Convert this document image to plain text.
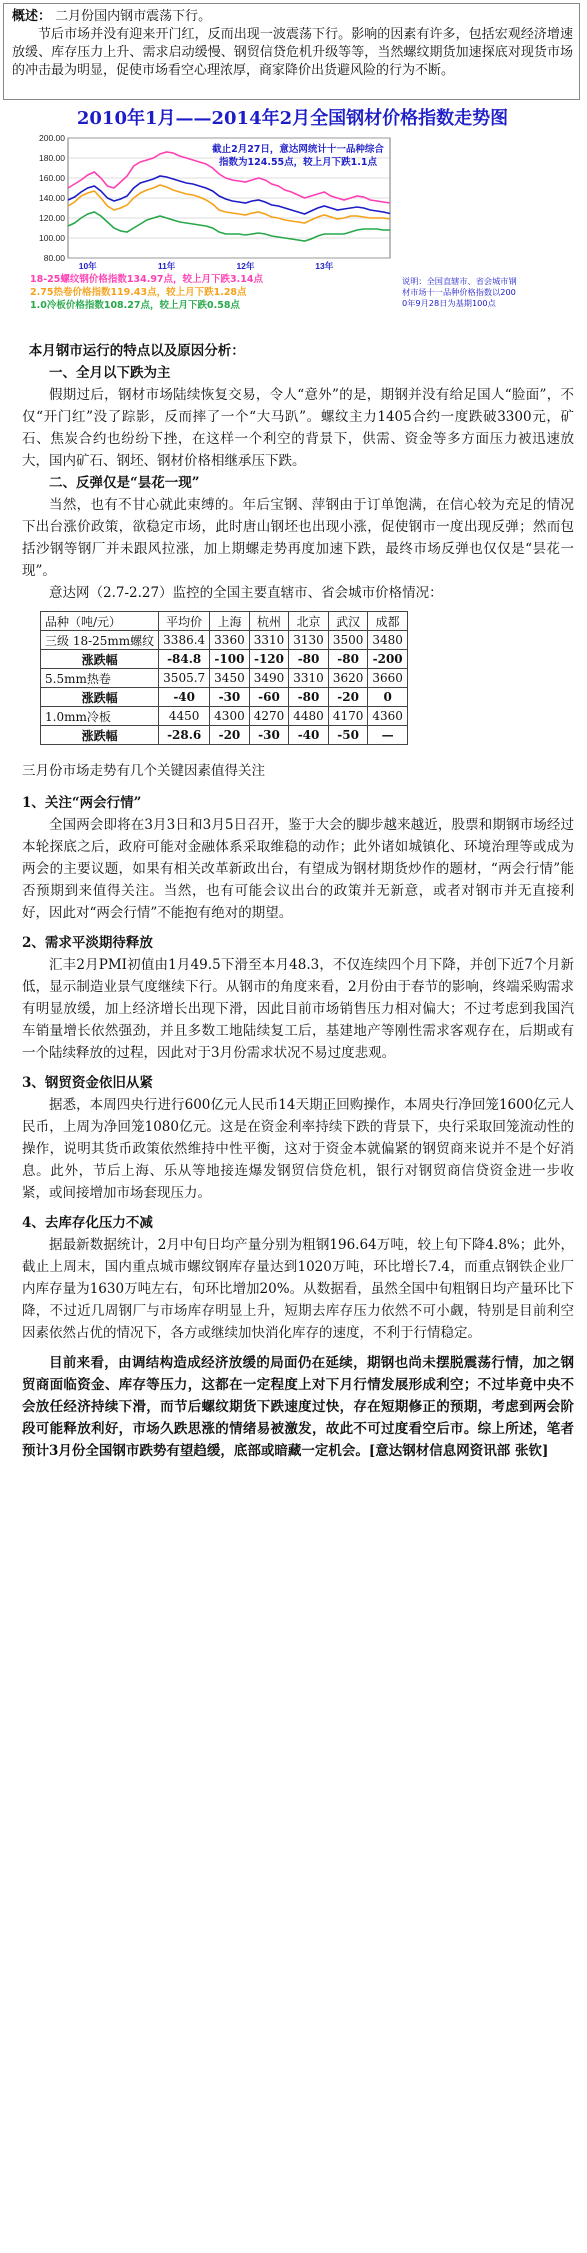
概述： 二月份国内钢市震荡下行。

节后市场并没有迎来开门红，反而出现一波震荡下行。影响的因素有许多，包括宏观经济增速放缓、库存压力上升、需求启动缓慢、钢贸信贷危机升级等等，当然螺纹期货加速探底对现货市场的冲击最为明显，促使市场看空心理浓厚，商家降价出货避风险的行为不断。

2010年1月——2014年2月全国钢材价格指数走势图
200.00
180.00
160.00
140.00
120.00
100.00
80.00
10年	11年	12年	13年
截止2月27日，意达网统计十一品种综合
指数为124.55点，较上月下跌1.1点
18-25螺纹钢价格指数134.97点，较上月下跌3.14点
2.75热卷价格指数119.43点，较上月下跌1.28点
1.0冷板价格指数108.27点，较上月下跌0.58点
说明：全国直辖市、省会城市钢
材市场十一品种价格指数以200
0年9月28日为基期100点

本月钢市运行的特点以及原因分析：

一、全月以下跌为主

假期过后，钢材市场陆续恢复交易，令人“意外”的是，期钢并没有给足国人“脸面”，不仅“开门红”没了踪影，反而摔了一个“大马趴”。螺纹主力1405合约一度跌破3300元，矿石、焦炭合约也纷纷下挫，在这样一个利空的背景下，供需、资金等多方面压力被迅速放大，国内矿石、钢坯、钢材价格相继承压下跌。

二、反弹仅是“昙花一现”

当然，也有不甘心就此束缚的。年后宝钢、萍钢由于订单饱满，在信心较为充足的情况下出台涨价政策，欲稳定市场，此时唐山钢坯也出现小涨，促使钢市一度出现反弹；然而包括沙钢等钢厂并未跟风拉涨，加上期螺走势再度加速下跌，最终市场反弹也仅仅是“昙花一现”。

意达网（2.7-2.27）监控的全国主要直辖市、省会城市价格情况：

品种（吨/元）	平均价	上海	杭州	北京	武汉	成都
三级 18-25mm螺纹	3386.4	3360	3310	3130	3500	3480
涨跌幅	-84.8	-100	-120	-80	-80	-200
5.5mm热卷	3505.7	3450	3490	3310	3620	3660
涨跌幅	-40	-30	-60	-80	-20	0
1.0mm冷板	4450	4300	4270	4480	4170	4360
涨跌幅	-28.6	-20	-30	-40	-50	—

三月份市场走势有几个关键因素值得关注

1、关注“两会行情”

全国两会即将在3月3日和3月5日召开，鉴于大会的脚步越来越近，股票和期钢市场经过本轮探底之后，政府可能对金融体系采取维稳的动作；此外诸如城镇化、环境治理等或成为两会的主要议题，如果有相关改革新政出台，有望成为钢材期货炒作的题材，“两会行情”能否预期到来值得关注。当然，也有可能会议出台的政策并无新意，或者对钢市并无直接利好，因此对“两会行情”不能抱有绝对的期望。

2、需求平淡期待释放

汇丰2月PMI初值由1月49.5下滑至本月48.3，不仅连续四个月下降，并创下近7个月新低，显示制造业景气度继续下行。从钢市的角度来看，2月份由于春节的影响，终端采购需求有明显放缓，加上经济增长出现下滑，因此目前市场销售压力相对偏大；不过考虑到我国汽车销量增长依然强劲，并且多数工地陆续复工后，基建地产等刚性需求客观存在，后期或有一个陆续释放的过程，因此对于3月份需求状况不易过度悲观。

3、钢贸资金依旧从紧

据悉，本周四央行进行600亿元人民币14天期正回购操作，本周央行净回笼1600亿元人民币，上周为净回笼1080亿元。这是在资金利率持续下跌的背景下，央行采取回笼流动性的操作，说明其货币政策依然维持中性平衡，这对于资金本就偏紧的钢贸商来说并不是个好消息。此外，节后上海、乐从等地接连爆发钢贸信贷危机，银行对钢贸商信贷资金进一步收紧，或间接增加市场套现压力。

4、去库存化压力不减

据最新数据统计，2月中旬日均产量分别为粗钢196.64万吨，较上旬下降4.8%；此外，截止上周末，国内重点城市螺纹钢库存量达到1020万吨，环比增长7.4，而重点钢铁企业厂内库存量为1630万吨左右，旬环比增加20%。从数据看，虽然全国中旬粗钢日均产量环比下降，不过近几周钢厂与市场库存明显上升，短期去库存压力依然不可小觑，特别是目前利空因素依然占优的情况下，各方或继续加快消化库存的速度，不利于行情稳定。

目前来看，由调结构造成经济放缓的局面仍在延续，期钢也尚未摆脱震荡行情，加之钢贸商面临资金、库存等压力，这都在一定程度上对下月行情发展形成利空；不过毕竟中央不会放任经济持续下滑，而节后螺纹期货下跌速度过快，存在短期修正的预期，考虑到两会阶段可能释放利好，市场久跌思涨的情绪易被激发，故此不可过度看空后市。综上所述，笔者预计3月份全国钢市跌势有望趋缓，底部或暗藏一定机会。[意达钢材信息网资讯部 张钦]
